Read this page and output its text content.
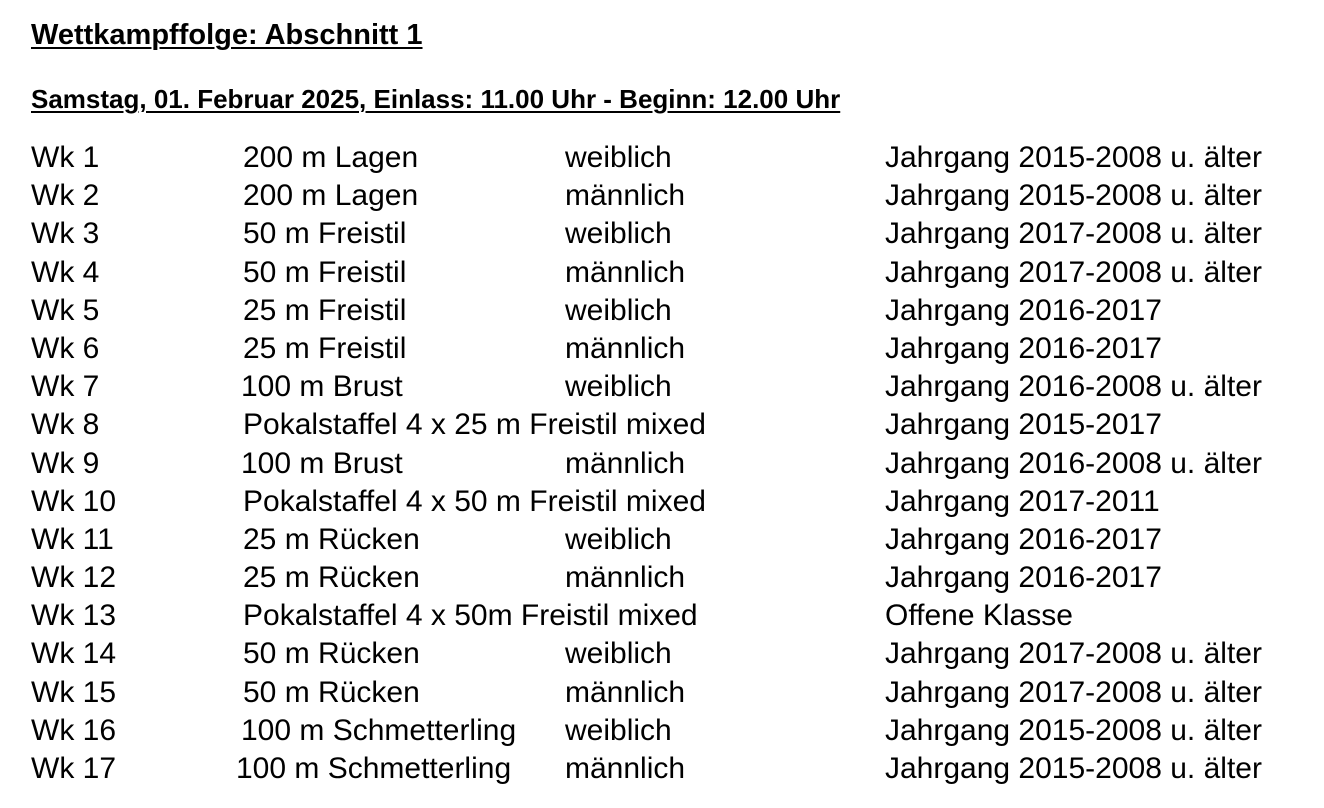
Wettkampffolge: Abschnitt 1
Samstag, 01. Februar 2025, Einlass: 11.00 Uhr - Beginn: 12.00 Uhr
Wk 1	200 m Lagen	weiblich	Jahrgang 2015-2008 u. älter
Wk 2	200 m Lagen	männlich	Jahrgang 2015-2008 u. älter
Wk 3	50 m Freistil	weiblich	Jahrgang 2017-2008 u. älter
Wk 4	50 m Freistil	männlich	Jahrgang 2017-2008 u. älter
Wk 5	25 m Freistil	weiblich	Jahrgang 2016-2017
Wk 6	25 m Freistil	männlich	Jahrgang 2016-2017
Wk 7	100 m Brust	weiblich	Jahrgang 2016-2008 u. älter
Wk 8	Pokalstaffel 4 x 25 m Freistil mixed	Jahrgang 2015-2017
Wk 9	100 m Brust	männlich	Jahrgang 2016-2008 u. älter
Wk 10	Pokalstaffel 4 x 50 m Freistil mixed	Jahrgang 2017-2011
Wk 11	25 m Rücken	weiblich	Jahrgang 2016-2017
Wk 12	25 m Rücken	männlich	Jahrgang 2016-2017
Wk 13	Pokalstaffel 4 x 50m Freistil mixed	Offene Klasse
Wk 14	50 m Rücken	weiblich	Jahrgang 2017-2008 u. älter
Wk 15	50 m Rücken	männlich	Jahrgang 2017-2008 u. älter
Wk 16	100 m Schmetterling weiblich	Jahrgang 2015-2008 u. älter
Wk 17	100 m Schmetterling männlich	Jahrgang 2015-2008 u. älter
